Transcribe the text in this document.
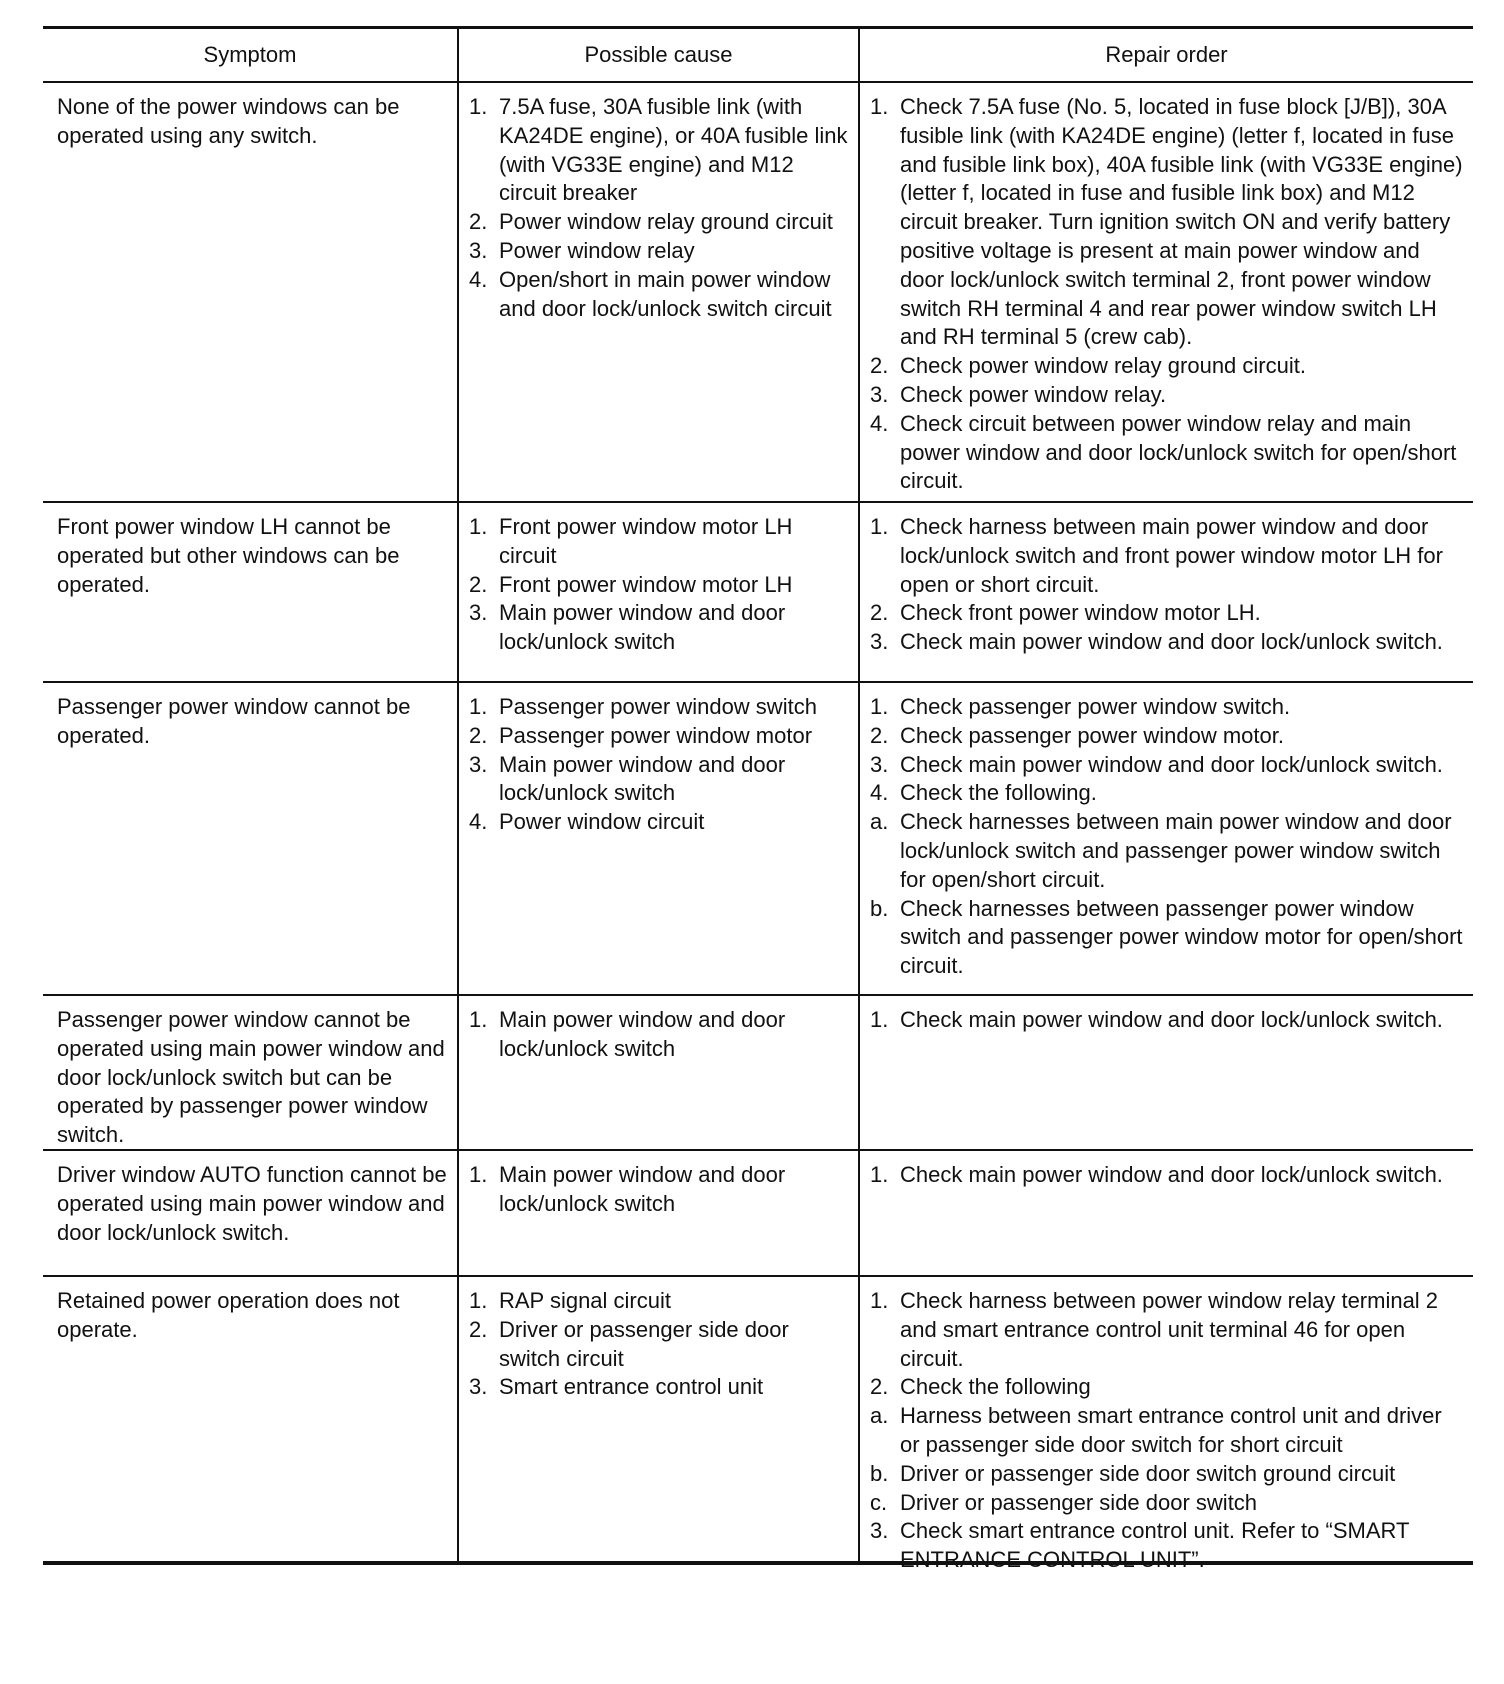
Symptom	Possible cause	Repair order

None of the power windows can be operated using any switch.

1. 7.5A fuse, 30A fusible link (with KA24DE engine), or 40A fusible link (with VG33E engine) and M12 circuit breaker
2. Power window relay ground circuit
3. Power window relay
4. Open/short in main power window and door lock/unlock switch circuit
1. Check 7.5A fuse (No. 5, located in fuse block [J/B]), 30A fusible link (with KA24DE engine) (letter f, located in fuse and fusible link box), 40A fusible link (with VG33E engine) (letter f, located in fuse and fusible link box) and M12 circuit breaker. Turn ignition switch ON and verify battery positive voltage is present at main power window and door lock/unlock switch terminal 2, front power window switch RH terminal 4 and rear power window switch LH and RH terminal 5 (crew cab).
2. Check power window relay ground circuit.
3. Check power window relay.
4. Check circuit between power window relay and main power window and door lock/unlock switch for open/short circuit.

Front power window LH cannot be operated but other windows can be operated.

1. Front power window motor LH circuit
2. Front power window motor LH
3. Main power window and door lock/unlock switch
1. Check harness between main power window and door lock/unlock switch and front power window motor LH for open or short circuit.
2. Check front power window motor LH.
3. Check main power window and door lock/unlock switch.

Passenger power window cannot be operated.

1. Passenger power window switch
2. Passenger power window motor
3. Main power window and door lock/unlock switch
4. Power window circuit
1. Check passenger power window switch.
2. Check passenger power window motor.
3. Check main power window and door lock/unlock switch.
4. Check the following.
a. Check harnesses between main power window and door lock/unlock switch and passenger power window switch for open/short circuit.
b. Check harnesses between passenger power window switch and passenger power window motor for open/short circuit.

Passenger power window cannot be operated using main power window and door lock/unlock switch but can be operated by passenger power window switch.

1. Main power window and door lock/unlock switch
1. Check main power window and door lock/unlock switch.

Driver window AUTO function cannot be operated using main power window and door lock/unlock switch.

1. Main power window and door lock/unlock switch
1. Check main power window and door lock/unlock switch.

Retained power operation does not operate.

1. RAP signal circuit
2. Driver or passenger side door switch circuit
3. Smart entrance control unit
1. Check harness between power window relay terminal 2 and smart entrance control unit terminal 46 for open circuit.
2. Check the following
a. Harness between smart entrance control unit and driver or passenger side door switch for short circuit
b. Driver or passenger side door switch ground circuit
c. Driver or passenger side door switch
3. Check smart entrance control unit. Refer to “SMART ENTRANCE CONTROL UNIT”.
